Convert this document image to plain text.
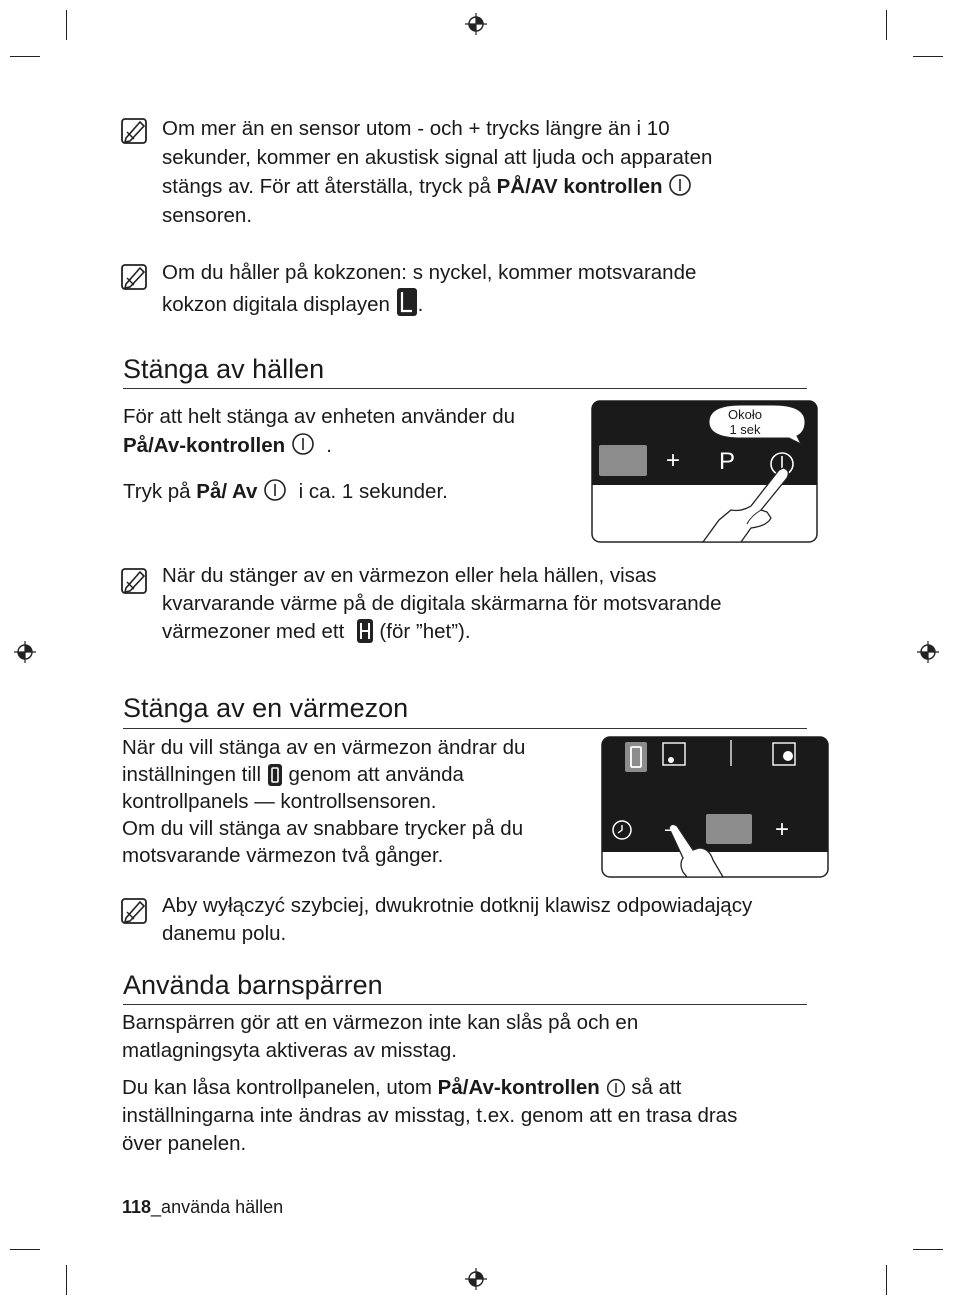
Om mer än en sensor utom - och + trycks längre än i 10
sekunder, kommer en akustisk signal att ljuda och apparaten
stängs av. För att återställa, tryck på PÅ/AV kontrollen
sensoren.
Om du håller på kokzonen: s nyckel, kommer motsvarande
kokzon digitala displayen .
Stänga av hällen
För att helt stänga av enheten använder du
På/Av-kontrollen .
Tryk på På/ Av i ca. 1 sekunder.
Około
1 sek
+ P
När du stänger av en värmezon eller hela hällen, visas
kvarvarande värme på de digitala skärmarna för motsvarande
värmezoner med ett (för ”het”).
Stänga av en värmezon
När du vill stänga av en värmezon ändrar du
inställningen till genom att använda
kontrollpanels — kontrollsensoren.
Om du vill stänga av snabbare trycker på du
motsvarande värmezon två gånger.
–	+
Aby wyłączyć szybciej, dwukrotnie dotknij klawisz odpowiadający
danemu polu.
Använda barnspärren
Barnspärren gör att en värmezon inte kan slås på och en
matlagningsyta aktiveras av misstag.
Du kan låsa kontrollpanelen, utom På/Av-kontrollen så att
inställningarna inte ändras av misstag, t.ex. genom att en trasa dras
över panelen.
118_använda hällen
